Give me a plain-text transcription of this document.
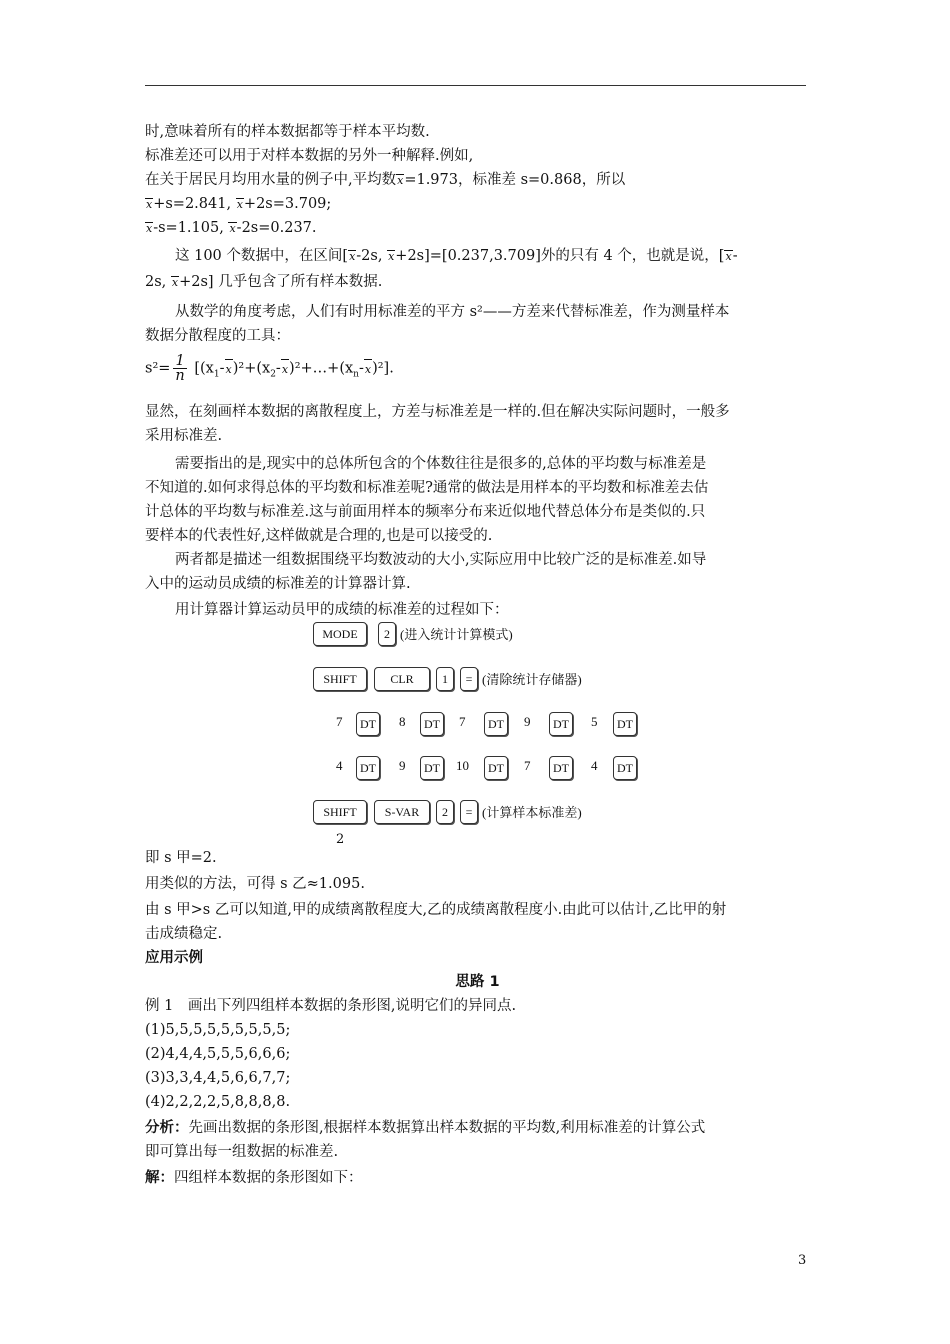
时,意味着所有的样本数据都等于样本平均数.
标准差还可以用于对样本数据的另外一种解释.例如,
在关于居民月均用水量的例子中,平均数x=1.973，标准差 s=0.868，所以
x+s=2.841, x+2s=3.709;
x-s=1.105, x-2s=0.237.
这 100 个数据中，在区间[x-2s, x+2s]=[0.237,3.709]外的只有 4 个，也就是说，[x-
2s, x+2s] 几乎包含了所有样本数据.
从数学的角度考虑，人们有时用标准差的平方 s²——方差来代替标准差，作为测量样本
数据分散程度的工具：
$s^2= \frac{1}{n}$ $[(x_1-x)^2+(x_2-x)^2+\dots+(x_n-x)^2]$.
显然，在刻画样本数据的离散程度上，方差与标准差是一样的.但在解决实际问题时，一般多
采用标准差.
需要指出的是,现实中的总体所包含的个体数往往是很多的,总体的平均数与标准差是
不知道的.如何求得总体的平均数和标准差呢?通常的做法是用样本的平均数和标准差去估
计总体的平均数与标准差.这与前面用样本的频率分布来近似地代替总体分布是类似的.只
要样本的代表性好,这样做就是合理的,也是可以接受的.
两者都是描述一组数据围绕平均数波动的大小,实际应用中比较广泛的是标准差.如导
入中的运动员成绩的标准差的计算器计算.
用计算器计算运动员甲的成绩的标准差的过程如下：
MODE	2 (进入统计计算模式)
SHIFT	CLR	1	= (清除统计存储器)
7	DT	8	DT	7	DT	9	DT	5	DT
4	DT	9	DT	10	DT	7	DT	4	DT
SHIFT	S-VAR	2	= (计算样本标准差)
2
即 s 甲=2.
用类似的方法，可得 s 乙≈1.095.
由 s 甲>s 乙可以知道,甲的成绩离散程度大,乙的成绩离散程度小.由此可以估计,乙比甲的射
击成绩稳定.
应用示例
思路 1
例 1　画出下列四组样本数据的条形图,说明它们的异同点.
(1)5,5,5,5,5,5,5,5,5;
(2)4,4,4,5,5,5,6,6,6;
(3)3,3,4,4,5,6,6,7,7;
(4)2,2,2,2,5,8,8,8,8.
分析：先画出数据的条形图,根据样本数据算出样本数据的平均数,利用标准差的计算公式
即可算出每一组数据的标准差.
解：四组样本数据的条形图如下：
3
